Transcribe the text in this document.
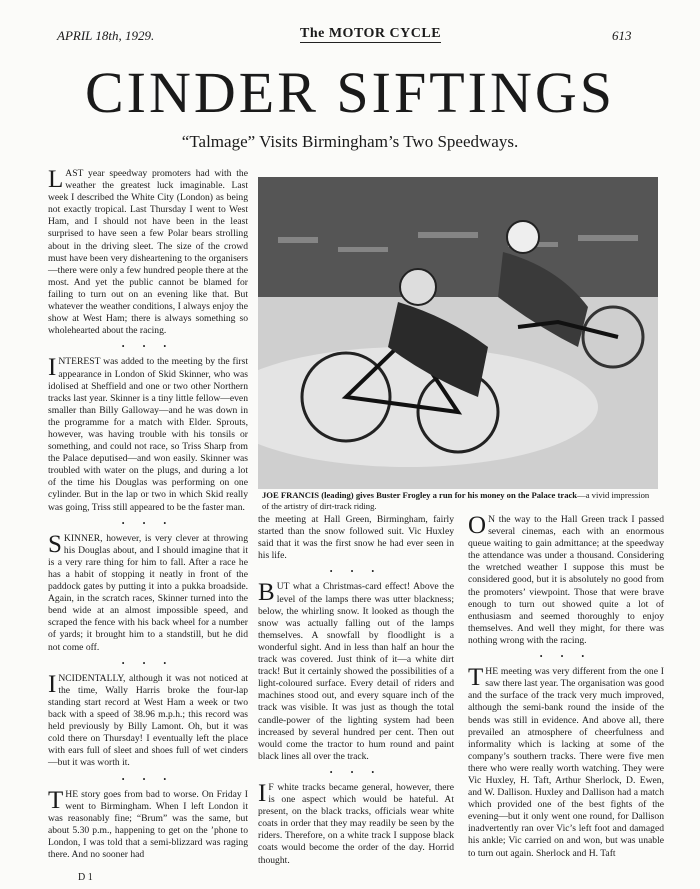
APRIL 18th, 1929.	The MOTOR CYCLE	613
CINDER SIFTINGS
“Talmage” Visits Birmingham’s Two Speedways.

LAST year speedway promoters had with the weather the greatest luck imaginable. Last week I described the White City (London) as being not exactly tropical. Last Thursday I went to West Ham, and I should not have been in the least surprised to have seen a few Polar bears strolling about in the driving sleet. The size of the crowd must have been very disheartening to the organisers—there were only a few hundred people there at the most. And yet the public cannot be blamed for failing to turn out on an evening like that. But whatever the weather conditions, I always enjoy the show at West Ham; there is always something so wholehearted about the racing.

• • •

INTEREST was added to the meeting by the first appearance in London of Skid Skinner, who was idolised at Sheffield and one or two other Northern tracks last year. Skinner is a tiny little fellow—even smaller than Billy Galloway—and he was down in the programme for a match with Elder. Sprouts, however, was having trouble with his tonsils or something, and could not race, so Triss Sharp from the Palace deputised—and won easily. Skinner was troubled with water on the plugs, and during a lot of the time his Douglas was performing on one cylinder. But in the lap or two in which Skid really was going, Triss still appeared to be the faster man.

• • •

SKINNER, however, is very clever at throwing his Douglas about, and I should imagine that it is a very rare thing for him to fall. After a race he has a habit of stopping it neatly in front of the paddock gates by putting it into a pukka broadside. Again, in the scratch races, Skinner turned into the bend wide at an almost impossible speed, and scraped the fence with his back wheel for a number of yards; it brought him to a standstill, but he did not come off.

• • •

INCIDENTALLY, although it was not noticed at the time, Wally Harris broke the four-lap standing start record at West Ham a week or two back with a speed of 38.96 m.p.h.; this record was held previously by Billy Lamont. Oh, but it was cold there on Thursday! I eventually left the place with ears full of sleet and shoes full of wet cinders—but it was worth it.

• • •

THE story goes from bad to worse. On Friday I went to Birmingham. When I left London it was reasonably fine; “Brum” was the same, but about 5.30 p.m., happening to get on the ’phone to London, I was told that a semi-blizzard was raging there. And no sooner had

JOE FRANCIS (leading) gives Buster Frogley a run for his money on the Palace track—a vivid impression of the artistry of dirt-track riding.

the meeting at Hall Green, Birmingham, fairly started than the snow followed suit. Vic Huxley said that it was the first snow he had ever seen in his life.

• • •

BUT what a Christmas-card effect! Above the level of the lamps there was utter blackness; below, the whirling snow. It looked as though the snow was actually falling out of the lamps themselves. A snowfall by floodlight is a wonderful sight. And in less than half an hour the track was covered. Just think of it—a white dirt track! But it certainly showed the possibilities of a light-coloured surface. Every detail of riders and machines stood out, and every square inch of the track was visible. It was just as though the total candle-power of the lighting system had been increased by several hundred per cent. Then out would come the tractor to hum round and paint black lines all over the track.

• • •

I F white tracks became general, however, there is one aspect which would be hateful. At present, on the black tracks, officials wear white coats in order that they may readily be seen by the riders. Therefore, on a white track I suppose black coats would become the order of the day. Horrid thought.

O N the way to the Hall Green track I passed several cinemas, each with an enormous queue waiting to gain admittance; at the speedway the attendance was under a thousand. Considering the wretched weather I suppose this must be considered good, but it is absolutely no good from the promoters’ viewpoint. Those that were brave enough to turn out showed quite a lot of enthusiasm and seemed thoroughly to enjoy themselves. And well they might, for there was nothing wrong with the racing.

• • •

THE meeting was very different from the one I saw there last year. The organisation was good and the surface of the track very much improved, although the semi-bank round the inside of the bends was still in evidence. And above all, there prevailed an atmosphere of cheerfulness and informality which is lacking at some of the company’s southern tracks. There were five men there who were really worth watching. They were Vic Huxley, H. Taft, Arthur Sherlock, D. Ewen, and W. Dallison. Huxley and Dallison had a match which provided one of the best fights of the evening—but it only went one round, for Dallison inadvertently ran over Vic’s left foot and damaged his ankle; Vic carried on and won, but was unable to turn out again. Sherlock and H. Taft

D 1
